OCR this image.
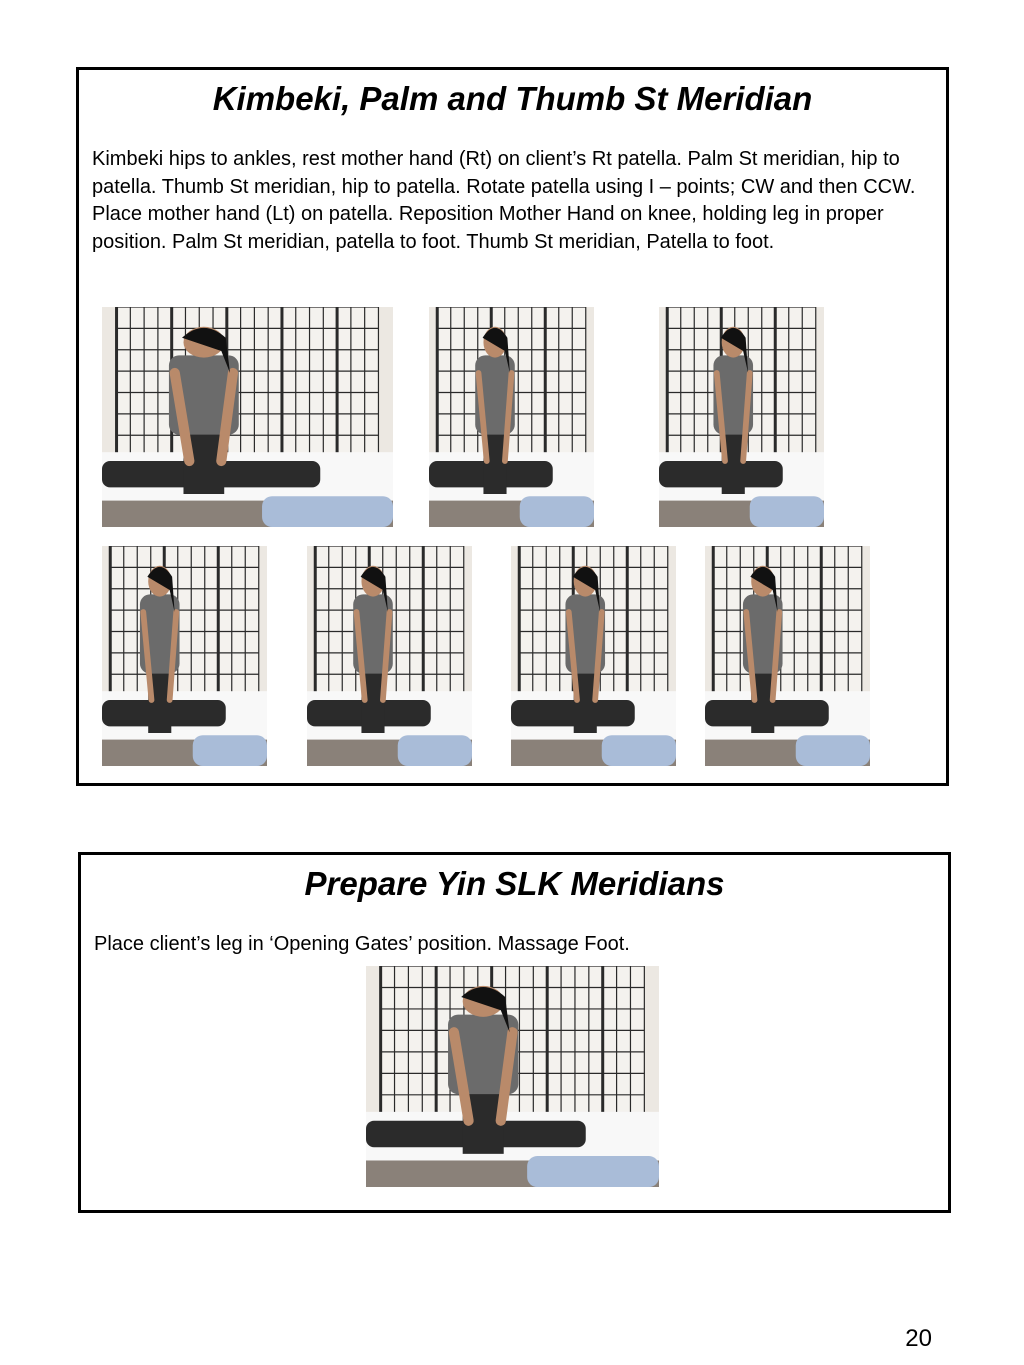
Kimbeki, Palm and Thumb St Meridian

Kimbeki hips to ankles, rest mother hand (Rt) on client’s Rt patella. Palm St meridian, hip to patella. Thumb St meridian, hip to patella. Rotate patella using I – points; CW and then CCW. Place mother hand (Lt) on patella. Reposition Mother Hand on knee, holding leg in proper position. Palm St meridian, patella to foot. Thumb St meridian, Patella to foot.

Prepare Yin SLK Meridians

Place client’s leg in ‘Opening Gates’ position. Massage Foot.

20
